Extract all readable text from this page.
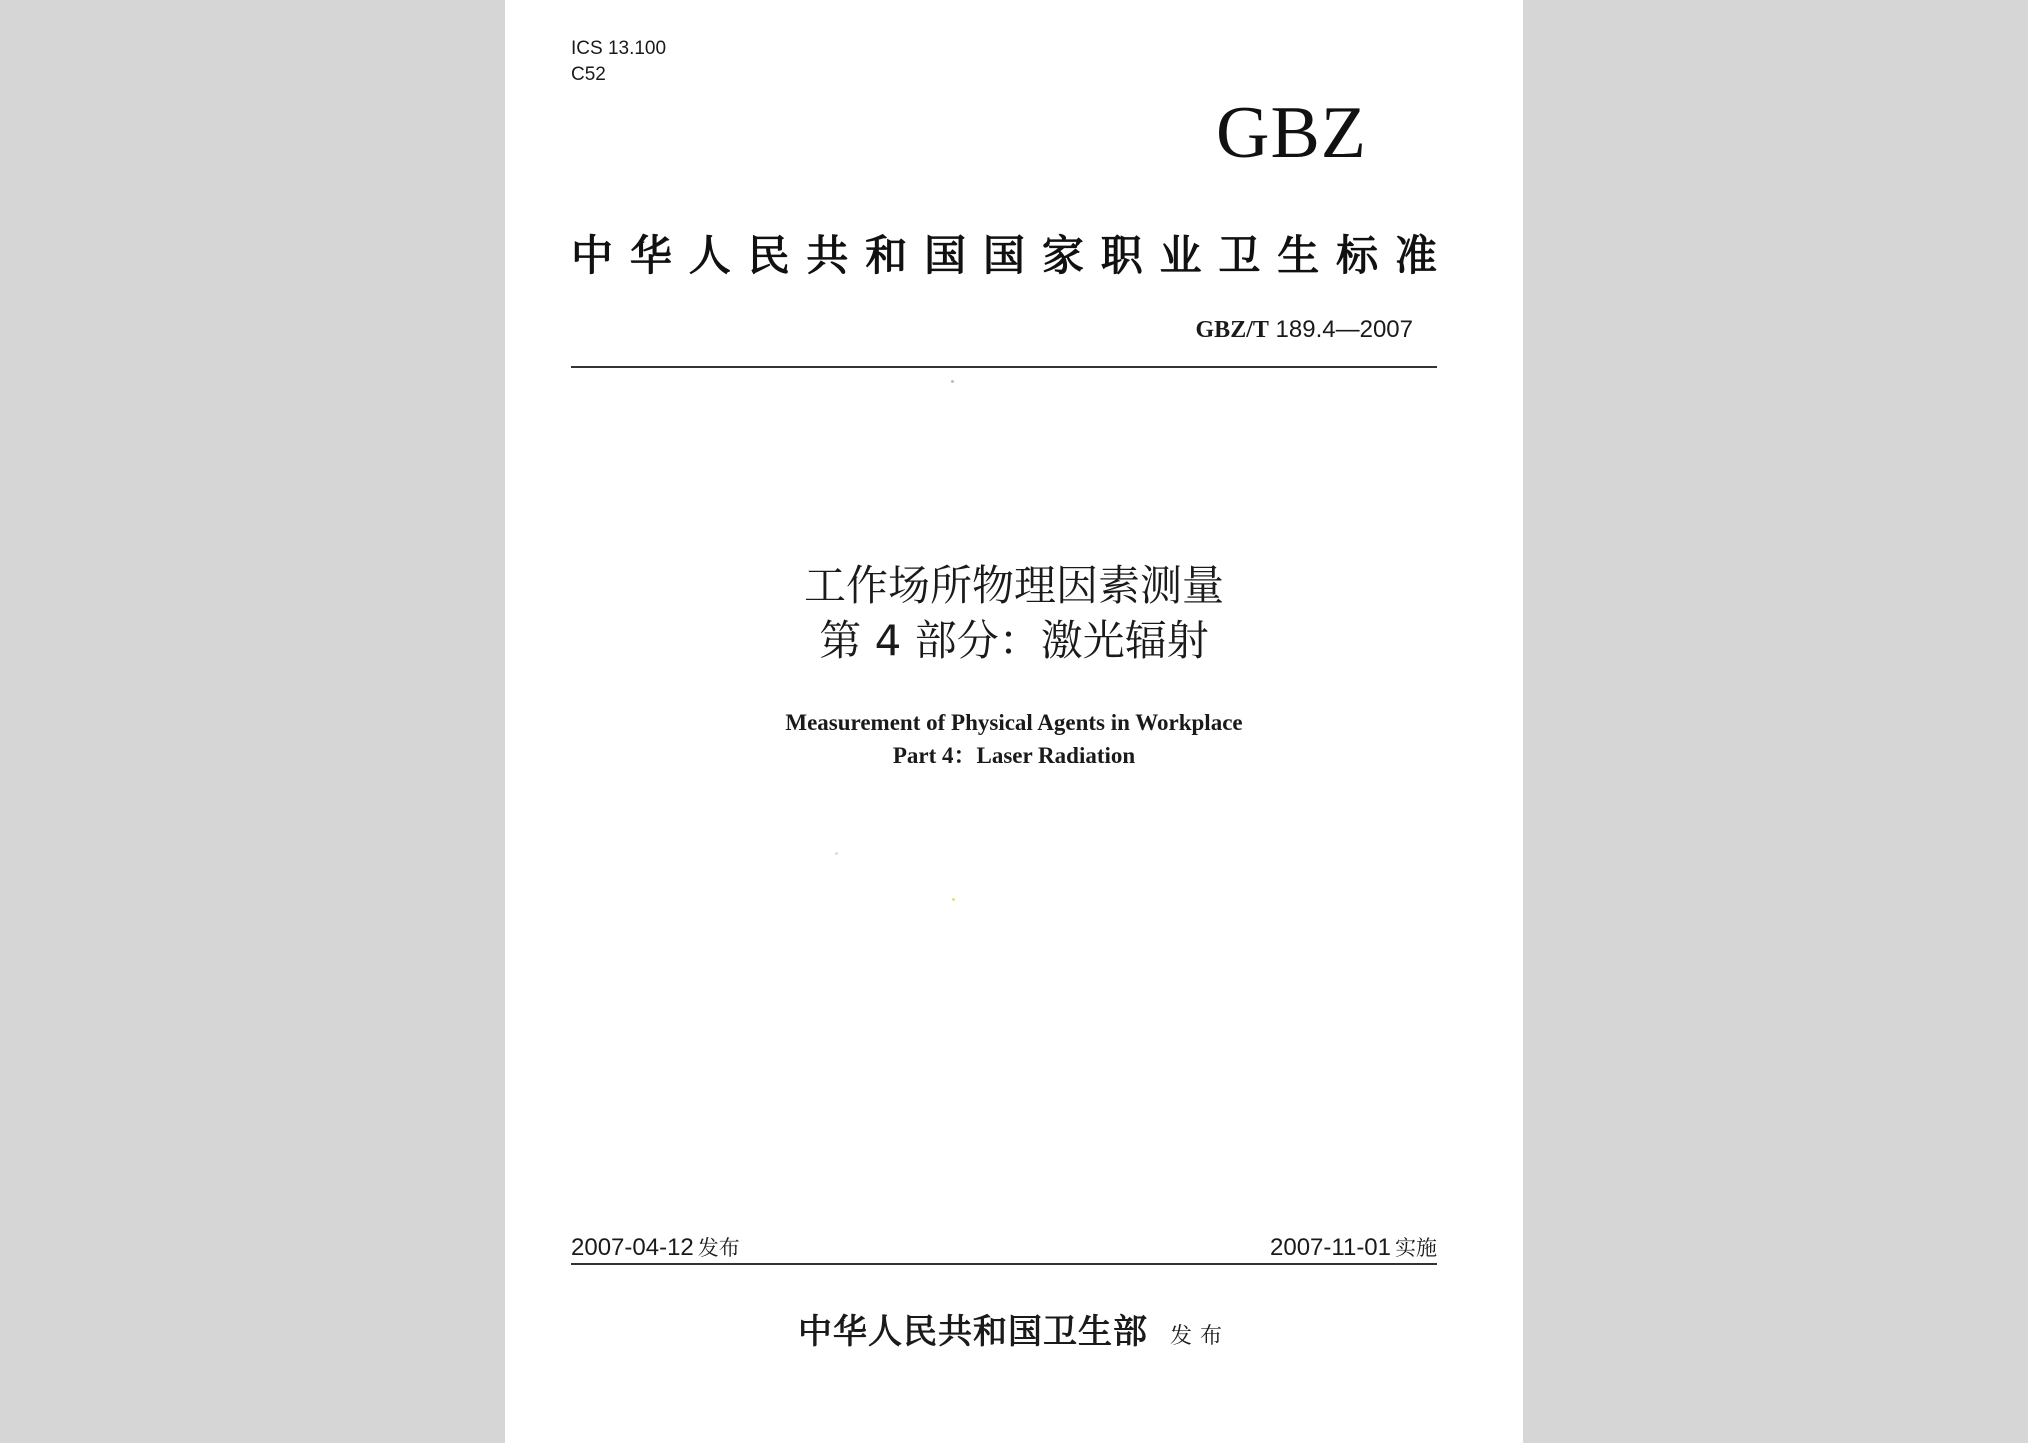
ICS 13.100
C52
GBZ
中华人民共和国国家职业卫生标准
GBZ/T 189.4—2007
工作场所物理因素测量
第 4 部分：激光辐射
Measurement of Physical Agents in Workplace
Part 4：Laser Radiation
2007-04-12 发布	2007-11-01 实施
中华人民共和国卫生部 发布
